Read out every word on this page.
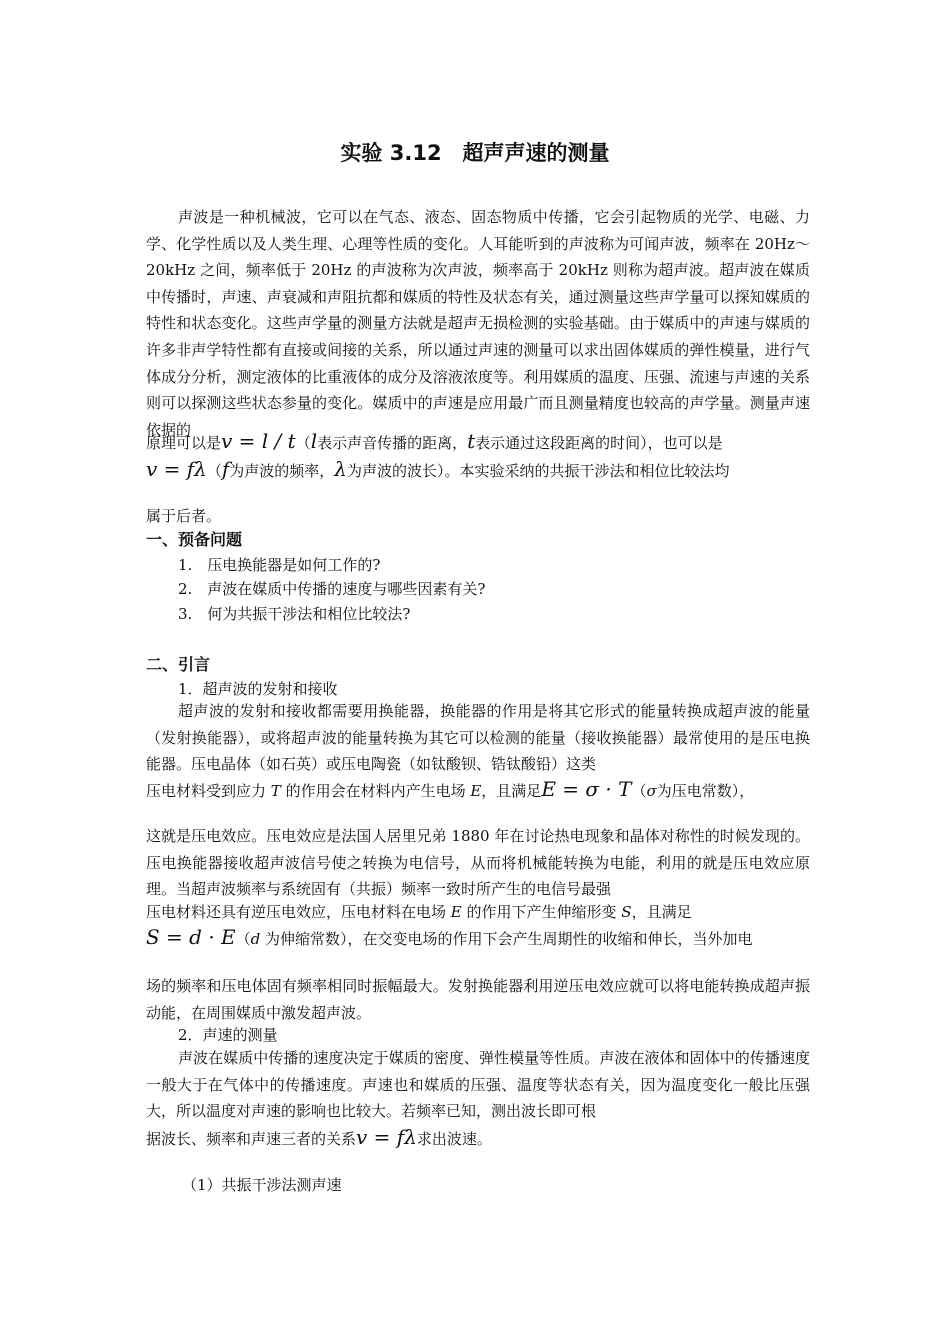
实验 3.12　超声声速的测量

声波是一种机械波，它可以在气态、液态、固态物质中传播，它会引起物质的光学、电磁、力学、化学性质以及人类生理、心理等性质的变化。人耳能听到的声波称为可闻声波，频率在 20Hz～20kHz 之间，频率低于 20Hz 的声波称为次声波，频率高于 20kHz 则称为超声波。超声波在媒质中传播时，声速、声衰减和声阻抗都和媒质的特性及状态有关，通过测量这些声学量可以探知媒质的特性和状态变化。这些声学量的测量方法就是超声无损检测的实验基础。由于媒质中的声速与媒质的许多非声学特性都有直接或间接的关系，所以通过声速的测量可以求出固体媒质的弹性模量，进行气体成分分析，测定液体的比重液体的成分及溶液浓度等。利用媒质的温度、压强、流速与声速的关系则可以探测这些状态参量的变化。媒质中的声速是应用最广而且测量精度也较高的声学量。测量声速依据的

原理可以是v = l / t（l表示声音传播的距离，t表示通过这段距离的时间），也可以是
v = fλ（f为声波的频率，λ为声波的波长）。本实验采纳的共振干涉法和相位比较法均
属于后者。
一、预备问题
1.　压电换能器是如何工作的?
2.　声波在媒质中传播的速度与哪些因素有关?
3.　何为共振干涉法和相位比较法?
二、引言
1．超声波的发射和接收

超声波的发射和接收都需要用换能器，换能器的作用是将其它形式的能量转换成超声波的能量（发射换能器），或将超声波的能量转换为其它可以检测的能量（接收换能器）最常使用的是压电换能器。压电晶体（如石英）或压电陶瓷（如钛酸钡、锆钛酸铅）这类

压电材料受到应力 T 的作用会在材料内产生电场 E，且满足E = σ · T（σ为压电常数），

这就是压电效应。压电效应是法国人居里兄弟 1880 年在讨论热电现象和晶体对称性的时候发现的。压电换能器接收超声波信号使之转换为电信号，从而将机械能转换为电能，利用的就是压电效应原理。当超声波频率与系统固有（共振）频率一致时所产生的电信号最强

压电材料还具有逆压电效应，压电材料在电场 E 的作用下产生伸缩形变 S，且满足
S = d · E（d 为伸缩常数），在交变电场的作用下会产生周期性的收缩和伸长，当外加电

场的频率和压电体固有频率相同时振幅最大。发射换能器利用逆压电效应就可以将电能转换成超声振动能，在周围媒质中激发超声波。

2．声速的测量

声波在媒质中传播的速度决定于媒质的密度、弹性模量等性质。声波在液体和固体中的传播速度一般大于在气体中的传播速度。声速也和媒质的压强、温度等状态有关，因为温度变化一般比压强大，所以温度对声速的影响也比较大。若频率已知，测出波长即可根

据波长、频率和声速三者的关系v = fλ求出波速。
（1）共振干涉法测声速
